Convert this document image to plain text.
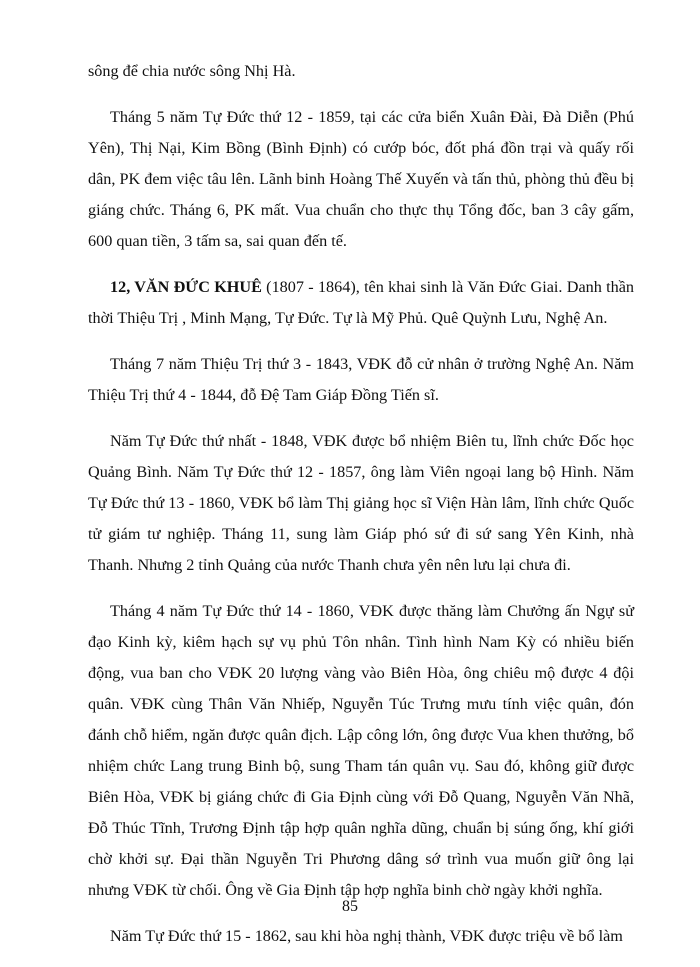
sông để chia nước sông Nhị Hà.

Tháng 5 năm Tự Đức thứ 12 - 1859, tại các cửa biển Xuân Đài, Đà Diễn (Phú Yên), Thị Nại, Kim Bồng (Bình Định) có cướp bóc, đốt phá đồn trại và quấy rối dân, PK đem việc tâu lên. Lãnh binh Hoàng Thế Xuyến và tấn thủ, phòng thủ đều bị giáng chức. Tháng 6, PK mất. Vua chuẩn cho thực thụ Tổng đốc, ban 3 cây gấm, 600 quan tiền, 3 tấm sa, sai quan đến tế.

12, VĂN ĐỨC KHUÊ (1807 - 1864), tên khai sinh là Văn Đức Giai. Danh thần thời Thiệu Trị , Minh Mạng, Tự Đức. Tự là Mỹ Phủ. Quê Quỳnh Lưu, Nghệ An.

Tháng 7 năm Thiệu Trị thứ 3 - 1843, VĐK đỗ cử nhân ở trường Nghệ An. Năm Thiệu Trị thứ 4 - 1844, đỗ Đệ Tam Giáp Đồng Tiến sĩ.

Năm Tự Đức thứ nhất - 1848, VĐK được bổ nhiệm Biên tu, lĩnh chức Đốc học Quảng Bình. Năm Tự Đức thứ 12 - 1857, ông làm Viên ngoại lang bộ Hình. Năm Tự Đức thứ 13 - 1860, VĐK bổ làm Thị giảng học sĩ Viện Hàn lâm, lĩnh chức Quốc tử giám tư nghiệp. Tháng 11, sung làm Giáp phó sứ đi sứ sang Yên Kinh, nhà Thanh. Nhưng 2 tỉnh Quảng của nước Thanh chưa yên nên lưu lại chưa đi.

Tháng 4 năm Tự Đức thứ 14 - 1860, VĐK được thăng làm Chưởng ấn Ngự sử đạo Kinh kỳ, kiêm hạch sự vụ phủ Tôn nhân. Tình hình Nam Kỳ có nhiều biến động, vua ban cho VĐK 20 lượng vàng vào Biên Hòa, ông chiêu mộ được 4 đội quân. VĐK cùng Thân Văn Nhiếp, Nguyễn Túc Trưng mưu tính việc quân, đón đánh chỗ hiểm, ngăn được quân địch. Lập công lớn, ông được Vua khen thưởng, bổ nhiệm chức Lang trung Binh bộ, sung Tham tán quân vụ. Sau đó, không giữ được Biên Hòa, VĐK bị giáng chức đi Gia Định cùng với Đỗ Quang, Nguyễn Văn Nhã, Đỗ Thúc Tĩnh, Trương Định tập hợp quân nghĩa dũng, chuẩn bị súng ống, khí giới chờ khởi sự. Đại thần Nguyễn Tri Phương dâng sớ trình vua muốn giữ ông lại nhưng VĐK từ chối. Ông về Gia Định tập hợp nghĩa binh chờ ngày khởi nghĩa.

Năm Tự Đức thứ 15 - 1862, sau khi hòa nghị thành, VĐK được triệu về bổ làm

85
